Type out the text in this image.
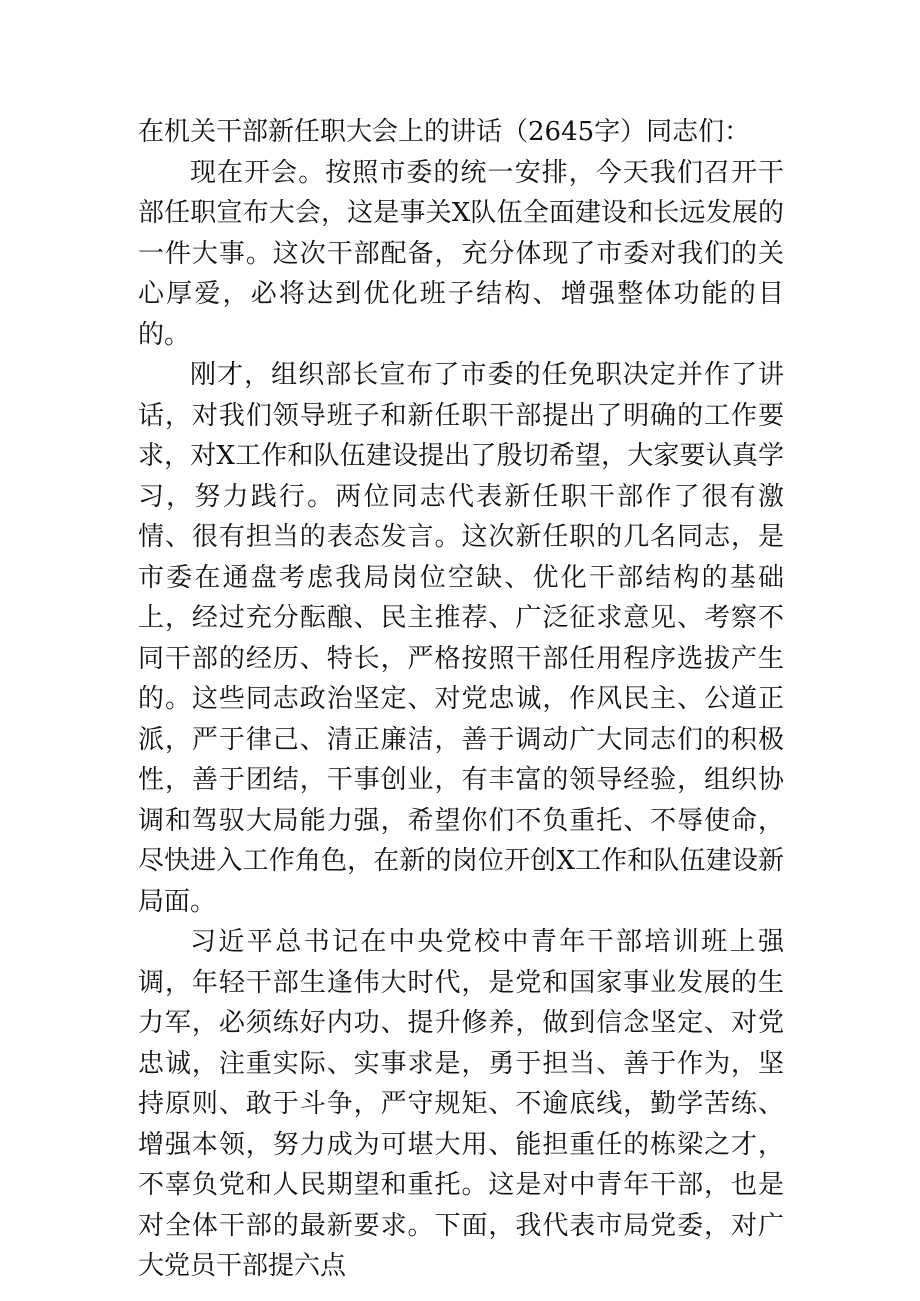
在机关干部新任职大会上的讲话（2645字）同志们：

现在开会。按照市委的统一安排，今天我们召开干部任职宣布大会，这是事关X队伍全面建设和长远发展的一件大事。这次干部配备，充分体现了市委对我们的关心厚爱，必将达到优化班子结构、增强整体功能的目的。

刚才，组织部长宣布了市委的任免职决定并作了讲话，对我们领导班子和新任职干部提出了明确的工作要求，对X工作和队伍建设提出了殷切希望，大家要认真学习，努力践行。两位同志代表新任职干部作了很有激情、很有担当的表态发言。这次新任职的几名同志，是市委在通盘考虑我局岗位空缺、优化干部结构的基础上，经过充分酝酿、民主推荐、广泛征求意见、考察不同干部的经历、特长，严格按照干部任用程序选拔产生的。这些同志政治坚定、对党忠诚，作风民主、公道正派，严于律己、清正廉洁，善于调动广大同志们的积极性，善于团结，干事创业，有丰富的领导经验，组织协调和驾驭大局能力强，希望你们不负重托、不辱使命，尽快进入工作角色，在新的岗位开创X工作和队伍建设新局面。

习近平总书记在中央党校中青年干部培训班上强调，年轻干部生逢伟大时代，是党和国家事业发展的生力军，必须练好内功、提升修养，做到信念坚定、对党忠诚，注重实际、实事求是，勇于担当、善于作为，坚持原则、敢于斗争，严守规矩、不逾底线，勤学苦练、增强本领，努力成为可堪大用、能担重任的栋梁之才，不辜负党和人民期望和重托。这是对中青年干部，也是对全体干部的最新要求。下面，我代表市局党委，对广大党员干部提六点
